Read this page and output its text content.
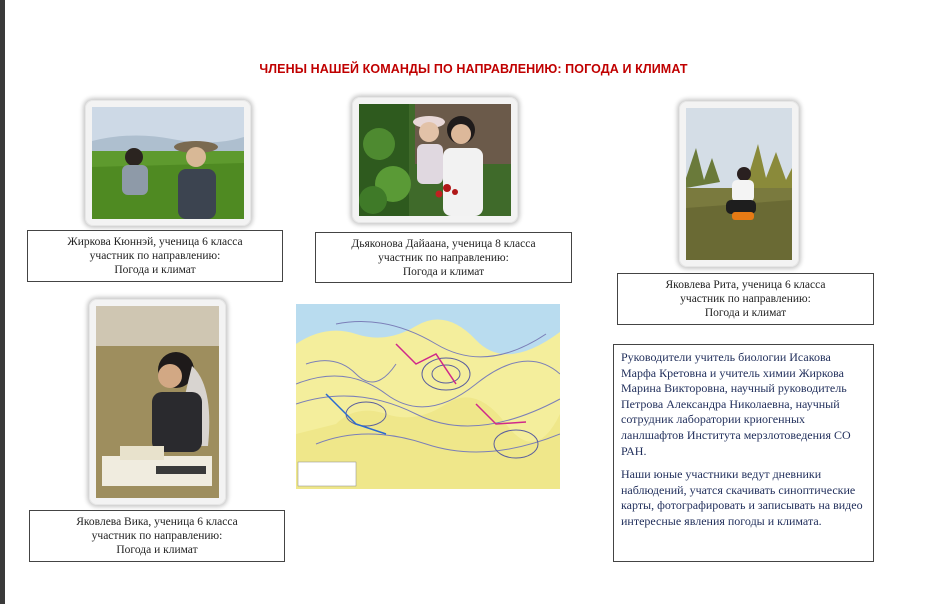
ЧЛЕНЫ НАШЕЙ КОМАНДЫ ПО НАПРАВЛЕНИЮ: ПОГОДА И КЛИМАТ
Жиркова Кюннэй, ученица 6 класса
участник по направлению:
Погода и климат
Дьяконова Дайаана, ученица 8 класса
участник по направлению:
Погода и климат
Яковлева Рита, ученица 6 класса
участник по направлению:
Погода и климат
Яковлева Вика, ученица 6 класса
участник по направлению:
Погода и климат

Руководители учитель биологии Исакова Марфа Кретовна и учитель химии Жиркова Марина Викторовна, научный руководитель Петрова Александра Николаевна, научный сотрудник лаборатории криогенных ланлшафтов Института мерзлотоведения СО РАН.

Наши юные участники ведут дневники наблюдений, учатся скачивать синоптические карты, фотографировать и записывать на видео интересные явления погоды и климата.
